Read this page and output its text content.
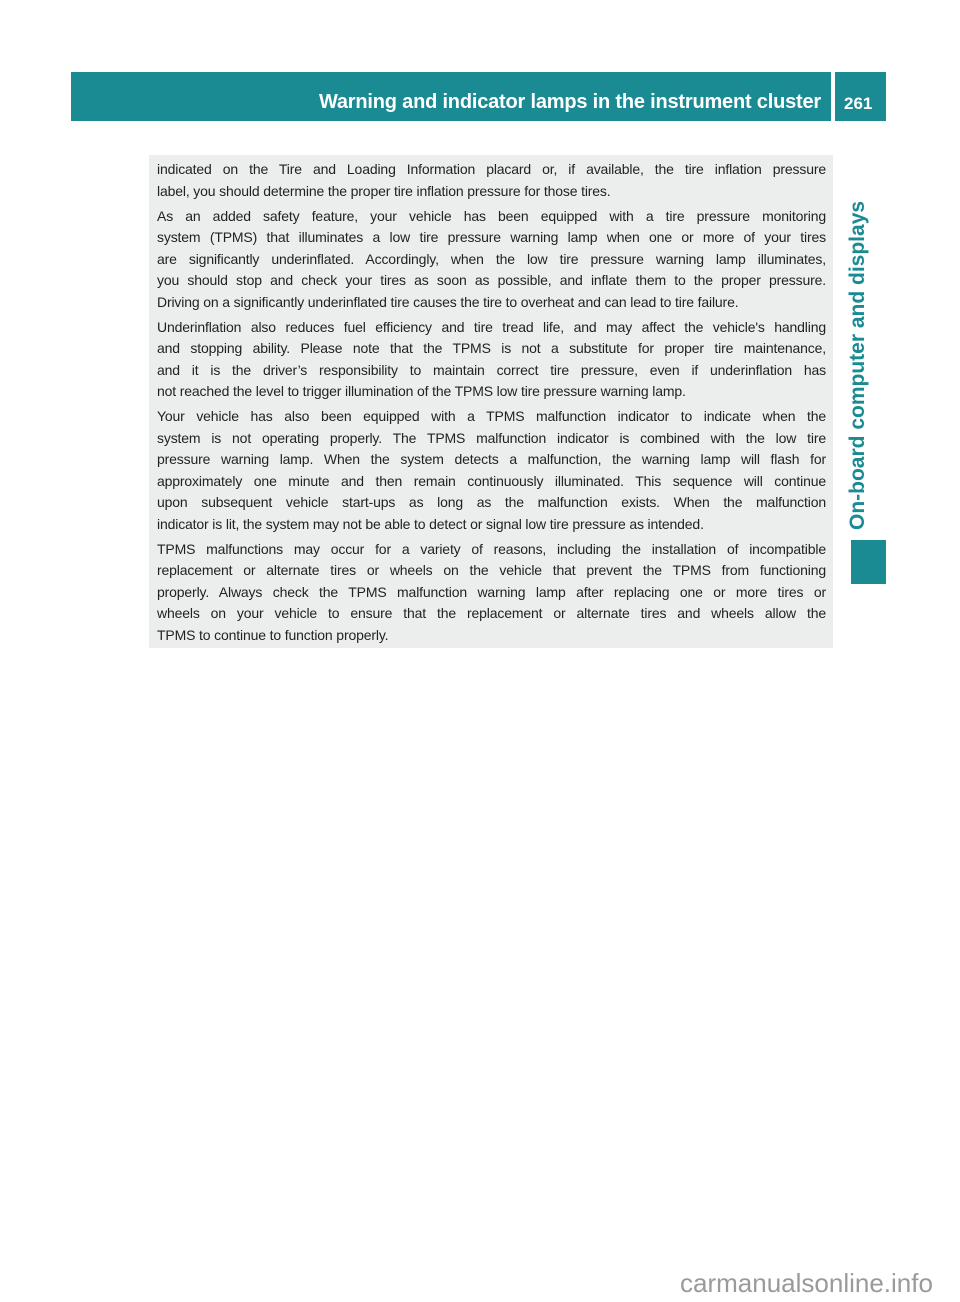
Warning and indicator lamps in the instrument cluster 261
indicated on the Tire and Loading Information placard or, if available, the tire inflation pressure
label, you should determine the proper tire inflation pressure for those tires.
As an added safety feature, your vehicle has been equipped with a tire pressure monitoring
system (TPMS) that illuminates a low tire pressure warning lamp when one or more of your tires
are significantly underinflated. Accordingly, when the low tire pressure warning lamp illuminates,
you should stop and check your tires as soon as possible, and inflate them to the proper pressure.
Driving on a significantly underinflated tire causes the tire to overheat and can lead to tire failure.
Underinflation also reduces fuel efficiency and tire tread life, and may affect the vehicle's handling
and stopping ability. Please note that the TPMS is not a substitute for proper tire maintenance,
and it is the driver’s responsibility to maintain correct tire pressure, even if underinflation has
not reached the level to trigger illumination of the TPMS low tire pressure warning lamp.
Your vehicle has also been equipped with a TPMS malfunction indicator to indicate when the
system is not operating properly. The TPMS malfunction indicator is combined with the low tire
pressure warning lamp. When the system detects a malfunction, the warning lamp will flash for
approximately one minute and then remain continuously illuminated. This sequence will continue
upon subsequent vehicle start-ups as long as the malfunction exists. When the malfunction
indicator is lit, the system may not be able to detect or signal low tire pressure as intended.
TPMS malfunctions may occur for a variety of reasons, including the installation of incompatible
replacement or alternate tires or wheels on the vehicle that prevent the TPMS from functioning
properly. Always check the TPMS malfunction warning lamp after replacing one or more tires or
wheels on your vehicle to ensure that the replacement or alternate tires and wheels allow the
TPMS to continue to function properly.
On-board computer and displays
carmanualsonline.info
